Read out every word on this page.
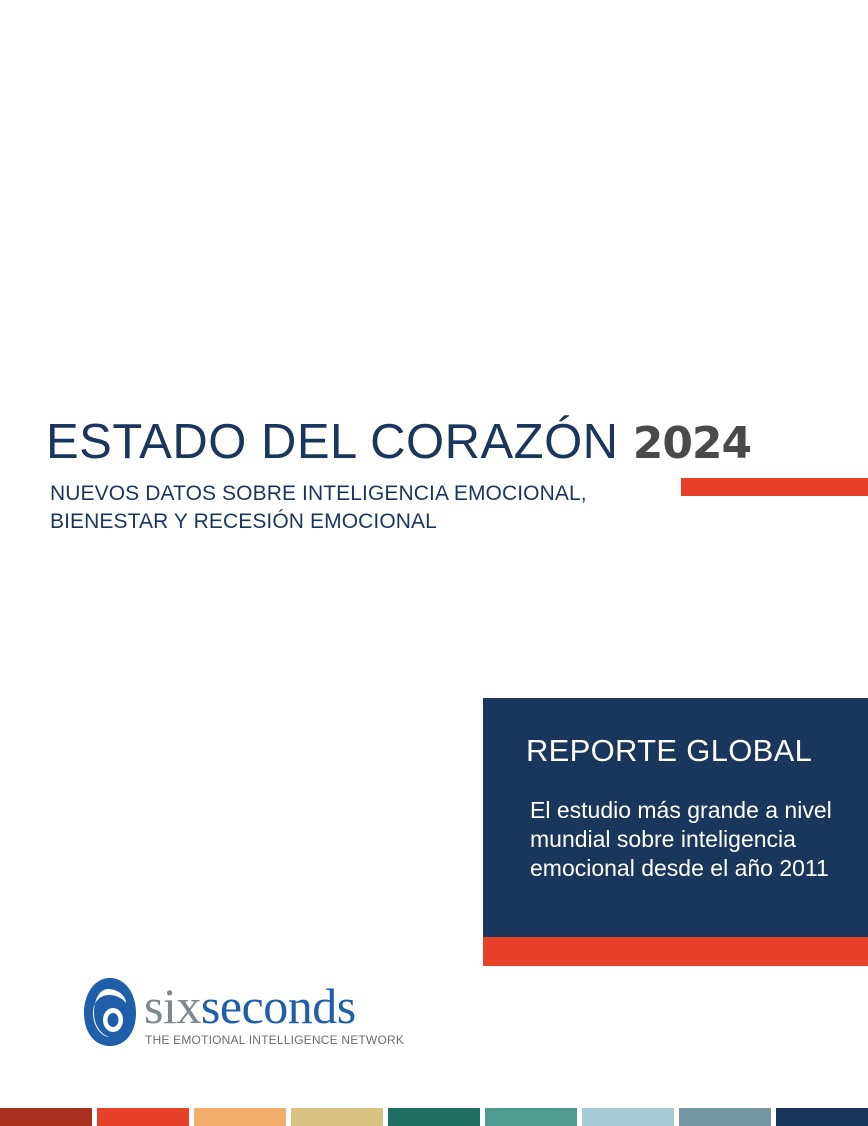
ESTADO DEL CORAZÓN 2024

NUEVOS DATOS SOBRE INTELIGENCIA EMOCIONAL,
BIENESTAR Y RECESIÓN EMOCIONAL

REPORTE GLOBAL

El estudio más grande a nivel mundial sobre inteligencia emocional desde el año 2011

sixseconds

THE EMOTIONAL INTELLIGENCE NETWORK
